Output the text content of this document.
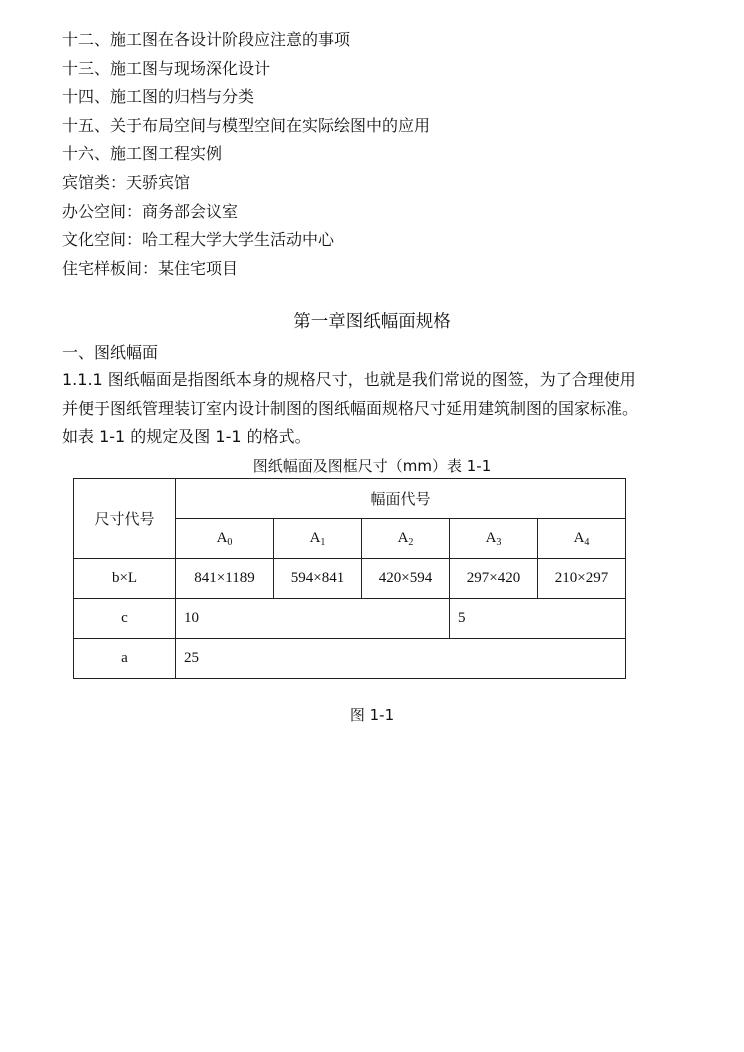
十二、施工图在各设计阶段应注意的事项
十三、施工图与现场深化设计
十四、施工图的归档与分类
十五、关于布局空间与模型空间在实际绘图中的应用
十六、施工图工程实例
宾馆类：天骄宾馆
办公空间：商务部会议室
文化空间：哈工程大学大学生活动中心
住宅样板间：某住宅项目
第一章图纸幅面规格
一、图纸幅面
1.1.1 图纸幅面是指图纸本身的规格尺寸，也就是我们常说的图签，为了合理使用
并便于图纸管理装订室内设计制图的图纸幅面规格尺寸延用建筑制图的国家标准。
如表 1-1 的规定及图 1-1 的格式。
图纸幅面及图框尺寸（mm）表 1-1
尺寸代号	幅面代号				
	$A_0$	$A_1$	$A_2$	$A_3$	$A_4$
b×L	841×1189	594×841	420×594	297×420	210×297
c	10			5	
a	25				
图 1-1
